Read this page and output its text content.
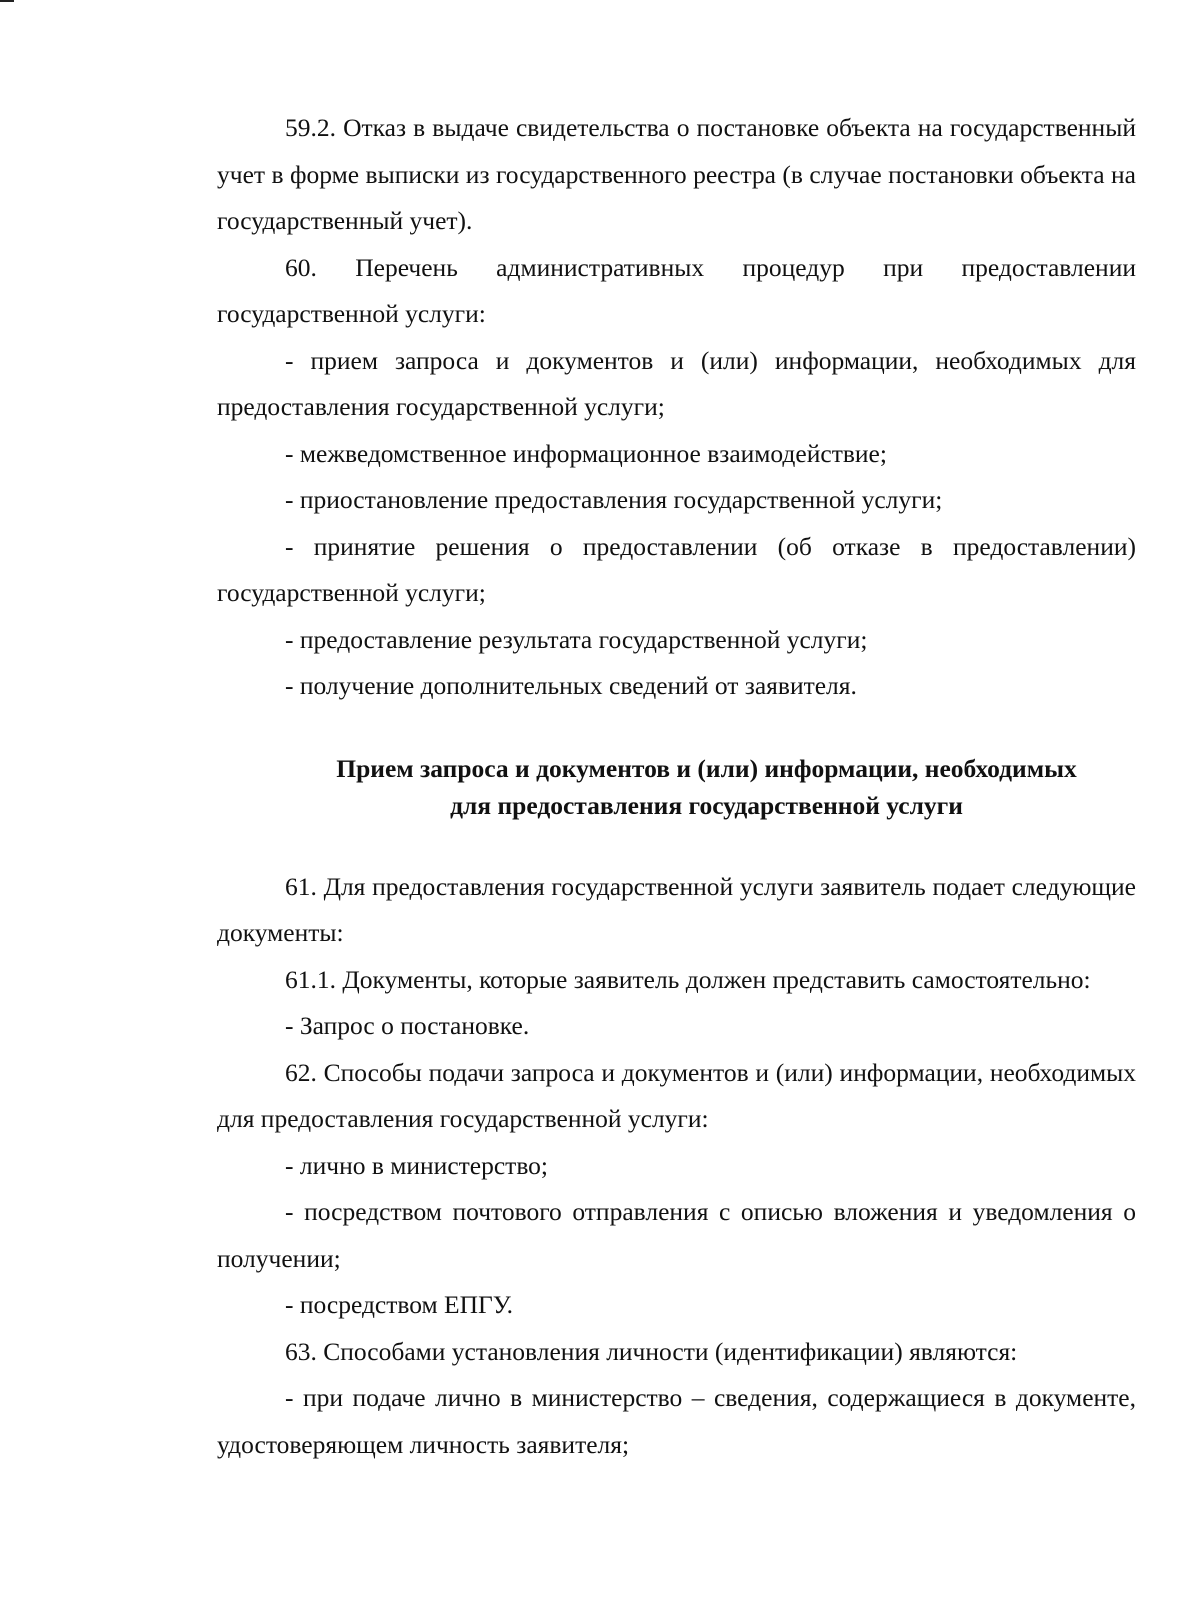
59.2. Отказ в выдаче свидетельства о постановке объекта на государственный учет в форме выписки из государственного реестра (в случае постановки объекта на государственный учет).

60. Перечень административных процедур при предоставлении государственной услуги:

- прием запроса и документов и (или) информации, необходимых для предоставления государственной услуги;

- межведомственное информационное взаимодействие;

- приостановление предоставления государственной услуги;

- принятие решения о предоставлении (об отказе в предоставлении) государственной услуги;

- предоставление результата государственной услуги;

- получение дополнительных сведений от заявителя.

Прием запроса и документов и (или) информации, необходимых
для предоставления государственной услуги

61. Для предоставления государственной услуги заявитель подает следующие документы:

61.1. Документы, которые заявитель должен представить самостоятельно:

- Запрос о постановке.

62. Способы подачи запроса и документов и (или) информации, необходимых для предоставления государственной услуги:

- лично в министерство;

- посредством почтового отправления с описью вложения и уведомления о получении;

- посредством ЕПГУ.

63. Способами установления личности (идентификации) являются:

- при подаче лично в министерство – сведения, содержащиеся в документе, удостоверяющем личность заявителя;
